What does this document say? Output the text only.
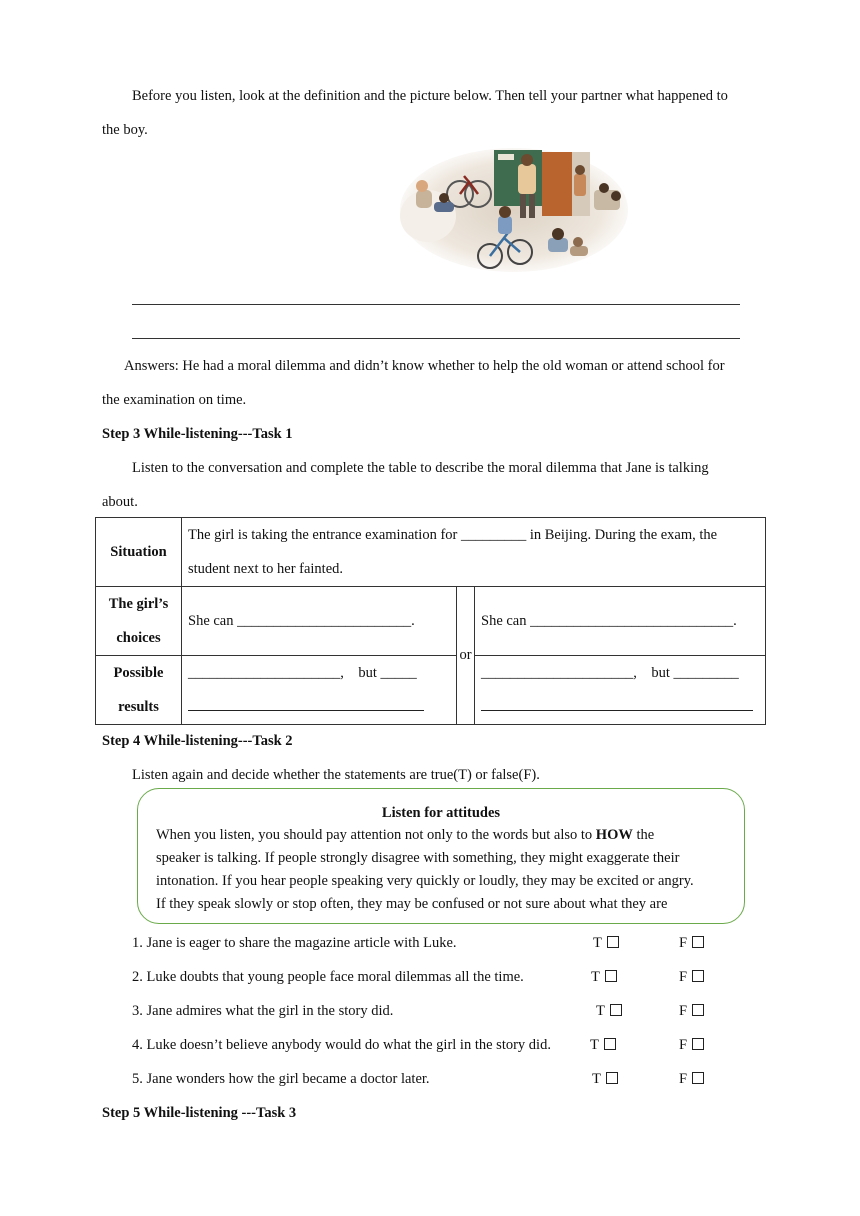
Before you listen, look at the definition and the picture below. Then tell your partner what happened to
the boy.
Answers: He had a moral dilemma and didn’t know whether to help the old woman or attend school for
the examination on time.
Step 3 While-listening---Task 1
Listen to the conversation and complete the table to describe the moral dilemma that Jane is talking
about.
Situation	The girl is taking the entrance examination for _________ in Beijing. During the exam, the
student next to her fainted.		

The girl’s
choices	She can ________________________.	or	She can ____________________________.

Possible
results	_____________________,　but _____		_____________________,　but _________
Step 4 While-listening---Task 2
Listen again and decide whether the statements are true(T) or false(F).
Listen for attitudes
When you listen, you should pay attention not only to the words but also to HOW the
speaker is talking. If people strongly disagree with something, they might exaggerate their
intonation. If you hear people speaking very quickly or loudly, they may be excited or angry.
If they speak slowly or stop often, they may be confused or not sure about what they are
1. Jane is eager to share the magazine article with Luke.	T	F
2. Luke doubts that young people face moral dilemmas all the time.	T	F
3. Jane admires what the girl in the story did.	T	F
4. Luke doesn’t believe anybody would do what the girl in the story did.	T	F
5. Jane wonders how the girl became a doctor later.	T	F
Step 5 While-listening ---Task 3
